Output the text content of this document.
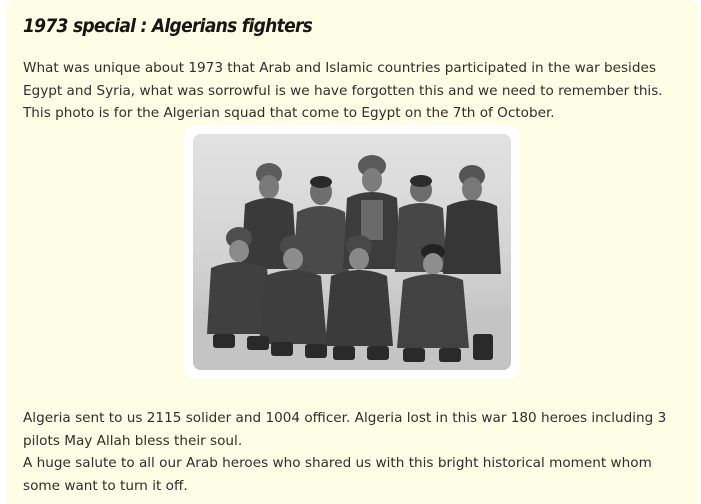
1973 special : Algerians fighters

What was unique about 1973 that Arab and Islamic countries participated in the war besides
Egypt and Syria, what was sorrowful is we have forgotten this and we need to remember this.
This photo is for the Algerian squad that come to Egypt on the 7th of October.

Algeria sent to us 2115 solider and 1004 officer. Algeria lost in this war 180 heroes including 3
pilots May Allah bless their soul.

A huge salute to all our Arab heroes who shared us with this bright historical moment whom
some want to turn it off.
